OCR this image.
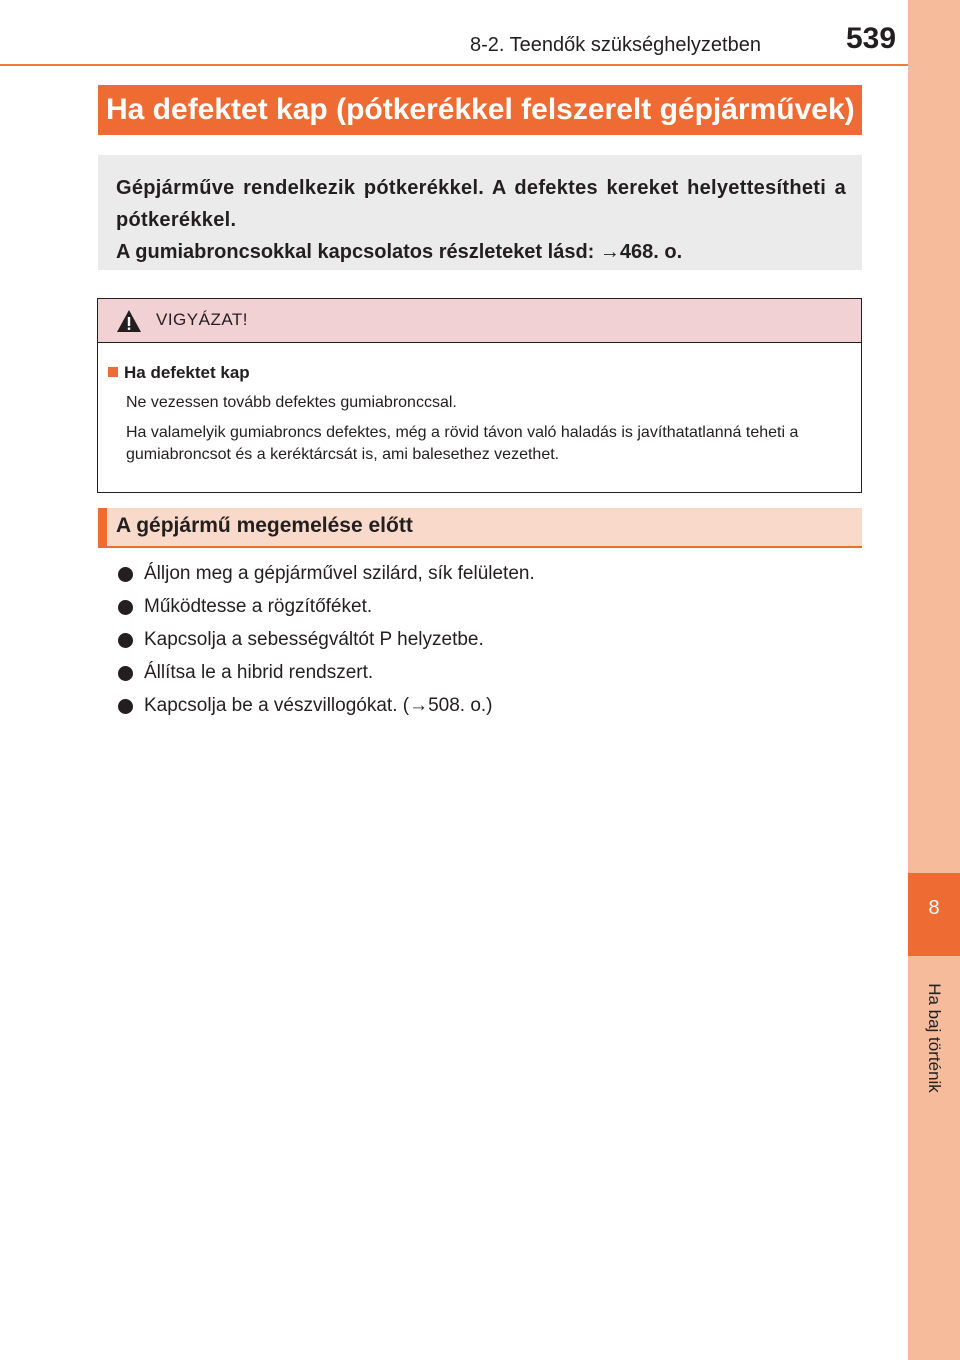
8-2. Teendők szükséghelyzetben	539
8
Ha baj történik
Ha defektet kap (pótkerékkel felszerelt gépjárművek)
Gépjárműve rendelkezik pótkerékkel. A defektes kereket helyettesítheti a pótkerékkel.
A gumiabroncsokkal kapcsolatos részleteket lásd: →468. o.
VIGYÁZAT!
Ha defektet kap
Ne vezessen tovább defektes gumiabronccsal.
Ha valamelyik gumiabroncs defektes, még a rövid távon való haladás is javíthatatlanná teheti a gumiabroncsot és a keréktárcsát is, ami balesethez vezethet.
A gépjármű megemelése előtt
Álljon meg a gépjárművel szilárd, sík felületen.
Működtesse a rögzítőféket.
Kapcsolja a sebességváltót P helyzetbe.
Állítsa le a hibrid rendszert.
Kapcsolja be a vészvillogókat. (→508. o.)
